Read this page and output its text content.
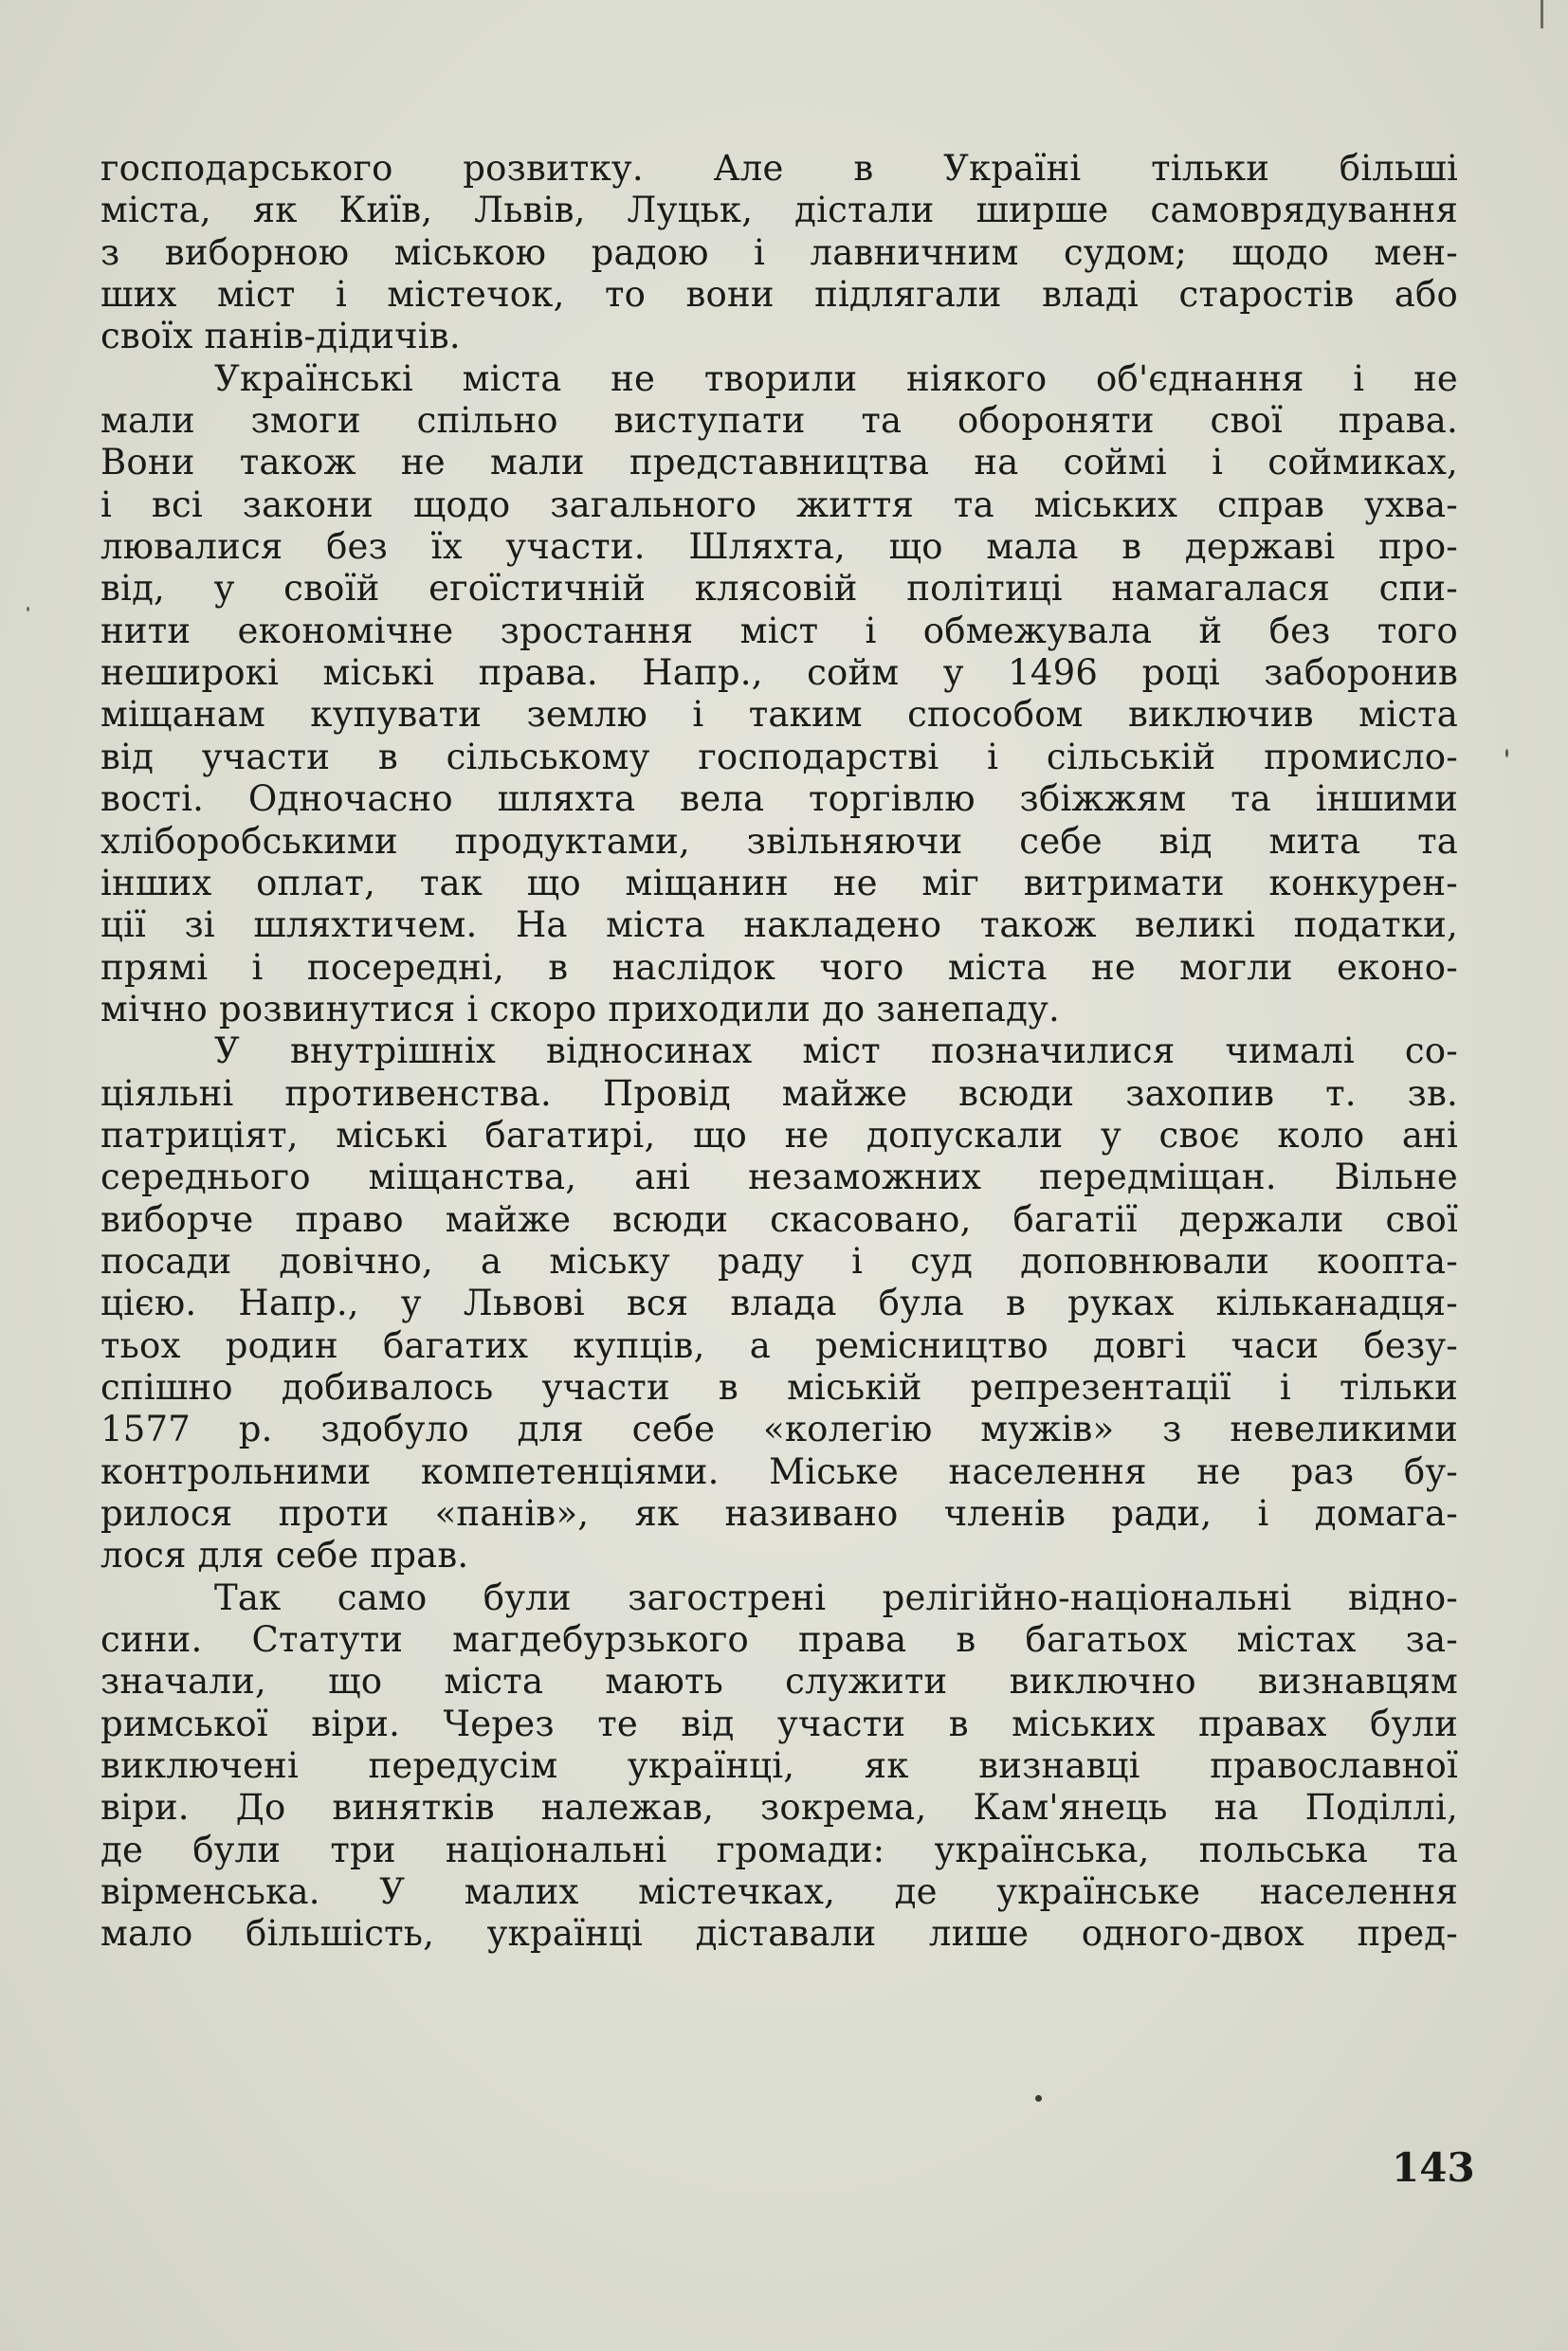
господарського розвитку. Але в Україні тільки більші
міста, як Київ, Львів, Луцьк, дістали ширше самоврядування
з виборною міською радою і лавничним судом; щодо мен-
ших міст і містечок, то вони підлягали владі старостів або
своїх панів-дідичів.
Українські міста не творили ніякого об'єднання і не
мали змоги спільно виступати та обороняти свої права.
Вони також не мали представництва на соймі і соймиках,
і всі закони щодо загального життя та міських справ ухва-
лювалися без їх участи. Шляхта, що мала в державі про-
від, у своїй егоїстичній клясовій політиці намагалася спи-
нити економічне зростання міст і обмежувала й без того
неширокі міські права. Напр., сойм у 1496 році заборонив
міщанам купувати землю і таким способом виключив міста
від участи в сільському господарстві і сільській промисло-
вості. Одночасно шляхта вела торгівлю збіжжям та іншими
хліборобськими продуктами, звільняючи себе від мита та
інших оплат, так що міщанин не міг витримати конкурен-
ції зі шляхтичем. На міста накладено також великі податки,
прямі і посередні, в наслідок чого міста не могли еконо-
мічно розвинутися і скоро приходили до занепаду.
У внутрішніх відносинах міст позначилися чималі со-
ціяльні противенства. Провід майже всюди захопив т. зв.
патриціят, міські багатирі, що не допускали у своє коло ані
середнього міщанства, ані незаможних передміщан. Вільне
виборче право майже всюди скасовано, багатії держали свої
посади довічно, а міську раду і суд доповнювали коопта-
цією. Напр., у Львові вся влада була в руках кільканадця-
тьох родин багатих купців, а ремісництво довгі часи безу-
спішно добивалось участи в міській репрезентації і тільки
1577 р. здобуло для себе «колегію мужів» з невеликими
контрольними компетенціями. Міське населення не раз бу-
рилося проти «панів», як називано членів ради, і домага-
лося для себе прав.
Так само були загострені релігійно-національні відно-
сини. Статути магдебурзького права в багатьох містах за-
значали, що міста мають служити виключно визнавцям
римської віри. Через те від участи в міських правах були
виключені передусім українці, як визнавці православної
віри. До винятків належав, зокрема, Кам'янець на Поділлі,
де були три національні громади: українська, польська та
вірменська. У малих містечках, де українське населення
мало більшість, українці діставали лише одного-двох пред-
143
